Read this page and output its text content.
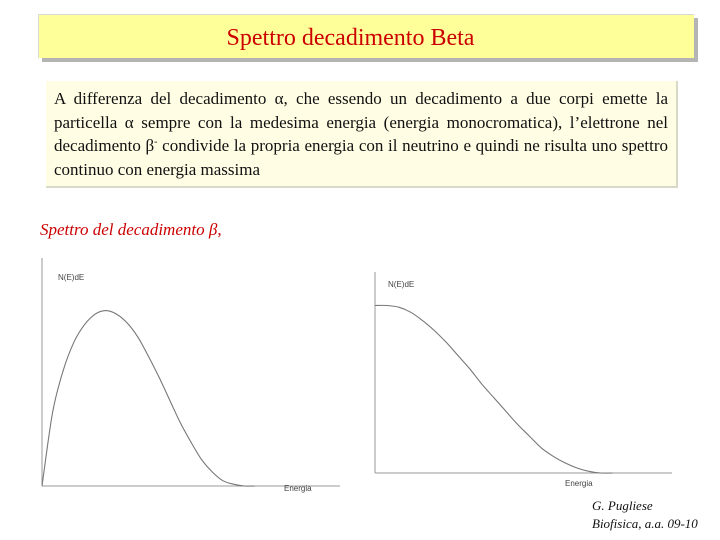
Spettro decadimento Beta

A differenza del decadimento α, che essendo un decadimento a due corpi emette la particella α sempre con la medesima energia (energia monocromatica), l’elettrone nel decadimento β- condivide la propria energia con il neutrino e quindi ne risulta uno spettro continuo con energia massima

Spettro del decadimento β,

N(E)dE
Energia
N(E)dE
Energia

G. Pugliese
Biofisica, a.a. 09-10
